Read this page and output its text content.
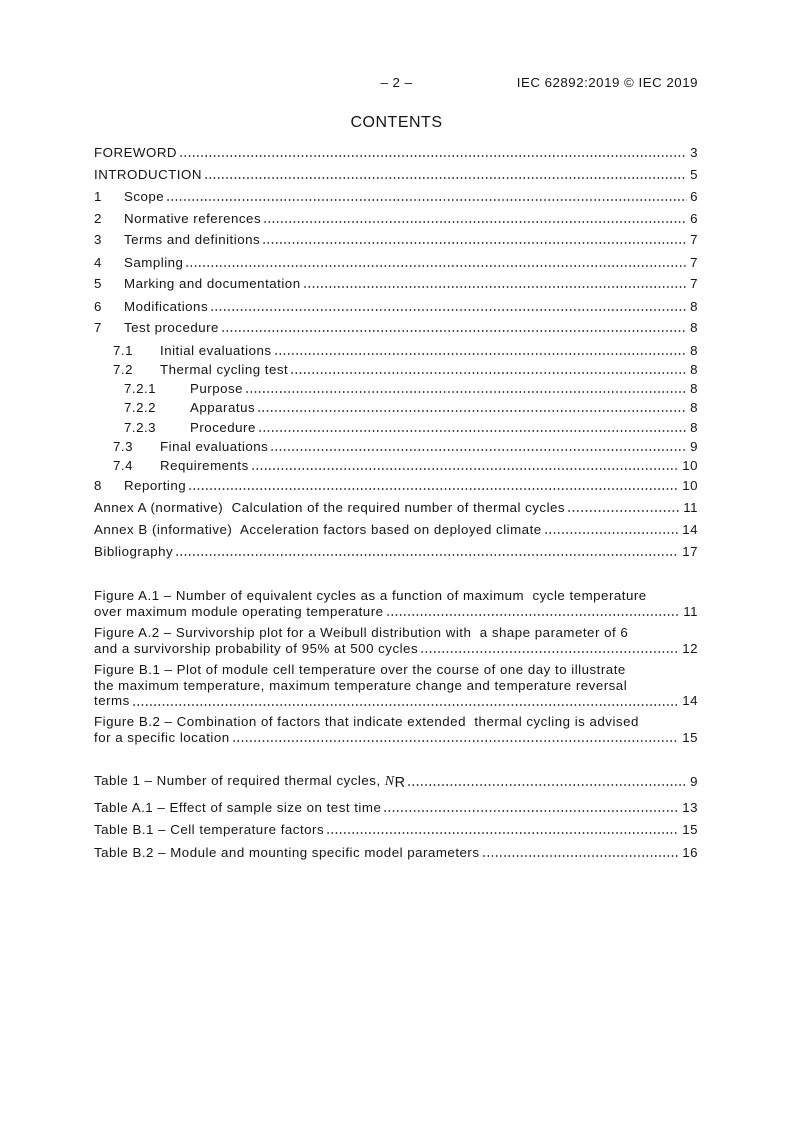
– 2 –	IEC 62892:2019 © IEC 2019
CONTENTS
FOREWORD	3
INTRODUCTION	5
1	Scope	6
2	Normative references	6
3	Terms and definitions	7
4	Sampling	7
5	Marking and documentation	7
6	Modifications	8
7	Test procedure	8
7.1	Initial evaluations	8
7.2	Thermal cycling test	8
7.2.1	Purpose	8
7.2.2	Apparatus	8
7.2.3	Procedure	8
7.3	Final evaluations	9
7.4	Requirements	10
8	Reporting	10
Annex A (normative)  Calculation of the required number of thermal cycles	11
Annex B (informative)  Acceleration factors based on deployed climate	14
Bibliography	17
Figure A.1 – Number of equivalent cycles as a function of maximum  cycle temperature
over maximum module operating temperature	11
Figure A.2 – Survivorship plot for a Weibull distribution with  a shape parameter of 6
and a survivorship probability of 95% at 500 cycles	12
Figure B.1 – Plot of module cell temperature over the course of one day to illustrate
the maximum temperature, maximum temperature change and temperature reversal
terms	14
Figure B.2 – Combination of factors that indicate extended  thermal cycling is advised
for a specific location	15
Table 1 – Number of required thermal cycles, NR	9
Table A.1 – Effect of sample size on test time	13
Table B.1 – Cell temperature factors	15
Table B.2 – Module and mounting specific model parameters	16
